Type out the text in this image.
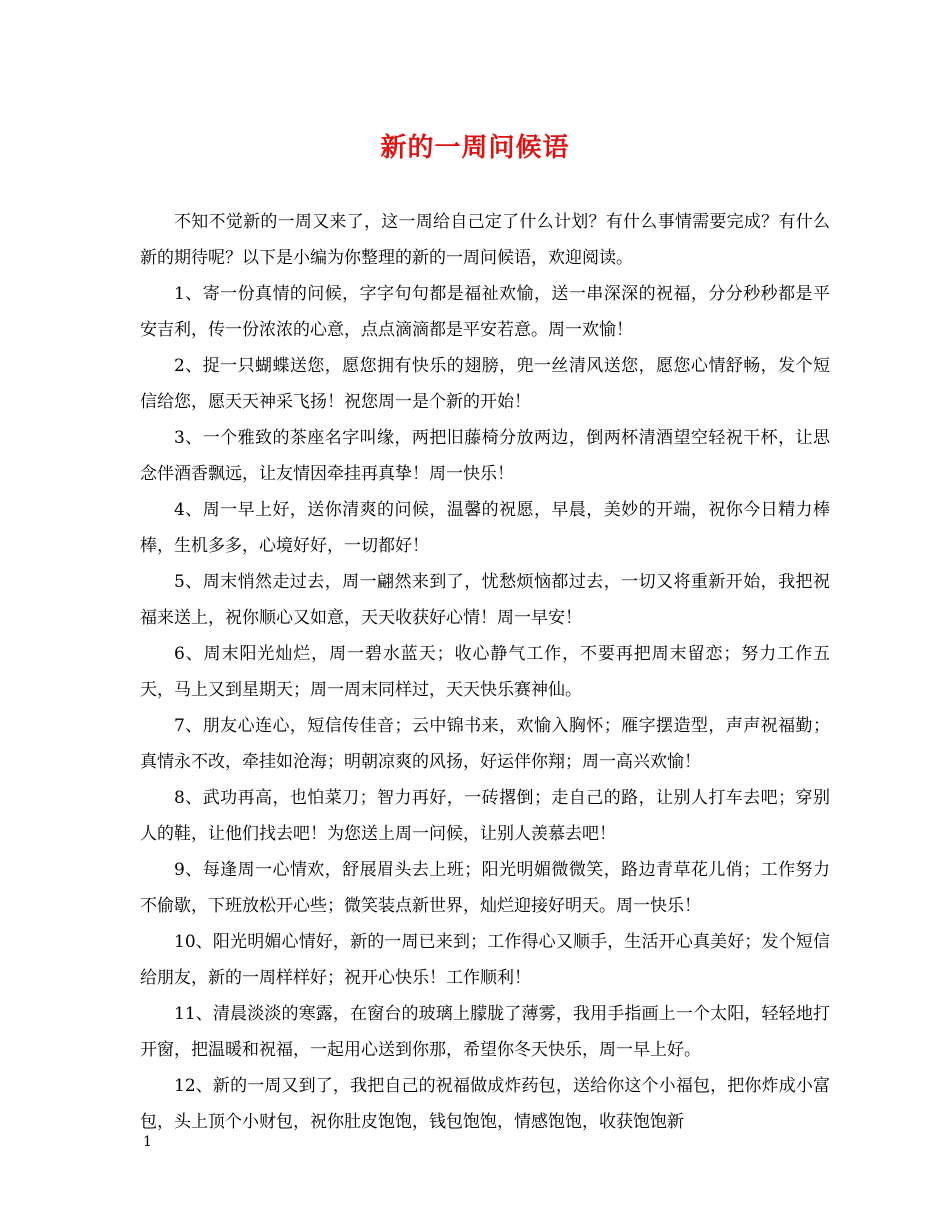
新的一周问候语

不知不觉新的一周又来了，这一周给自己定了什么计划？有什么事情需要完成？有什么新的期待呢？以下是小编为你整理的新的一周问候语，欢迎阅读。

1、寄一份真情的问候，字字句句都是福祉欢愉，送一串深深的祝福，分分秒秒都是平安吉利，传一份浓浓的心意，点点滴滴都是平安若意。周一欢愉！

2、捉一只蝴蝶送您，愿您拥有快乐的翅膀，兜一丝清风送您，愿您心情舒畅，发个短信给您，愿天天神采飞扬！祝您周一是个新的开始！

3、一个雅致的茶座名字叫缘，两把旧藤椅分放两边，倒两杯清酒望空轻祝干杯，让思念伴酒香飘远，让友情因牵挂再真挚！周一快乐！

4、周一早上好，送你清爽的问候，温馨的祝愿，早晨，美妙的开端，祝你今日精力棒棒，生机多多，心境好好，一切都好！

5、周末悄然走过去，周一翩然来到了，忧愁烦恼都过去，一切又将重新开始，我把祝福来送上，祝你顺心又如意，天天收获好心情！周一早安！

6、周末阳光灿烂，周一碧水蓝天；收心静气工作，不要再把周末留恋；努力工作五天，马上又到星期天；周一周末同样过，天天快乐赛神仙。

7、朋友心连心，短信传佳音；云中锦书来，欢愉入胸怀；雁字摆造型，声声祝福勤；真情永不改，牵挂如沧海；明朝凉爽的风扬，好运伴你翔；周一高兴欢愉！

8、武功再高，也怕菜刀；智力再好，一砖撂倒；走自己的路，让别人打车去吧；穿别人的鞋，让他们找去吧！为您送上周一问候，让别人羡慕去吧！

9、每逢周一心情欢，舒展眉头去上班；阳光明媚微微笑，路边青草花儿俏；工作努力不偷歇，下班放松开心些；微笑装点新世界，灿烂迎接好明天。周一快乐！

10、阳光明媚心情好，新的一周已来到；工作得心又顺手，生活开心真美好；发个短信给朋友，新的一周样样好；祝开心快乐！工作顺利！

11、清晨淡淡的寒露，在窗台的玻璃上朦胧了薄雾，我用手指画上一个太阳，轻轻地打开窗，把温暖和祝福，一起用心送到你那，希望你冬天快乐，周一早上好。

12、新的一周又到了，我把自己的祝福做成炸药包，送给你这个小福包，把你炸成小富包，头上顶个小财包，祝你肚皮饱饱，钱包饱饱，情感饱饱，收获饱饱新

1
